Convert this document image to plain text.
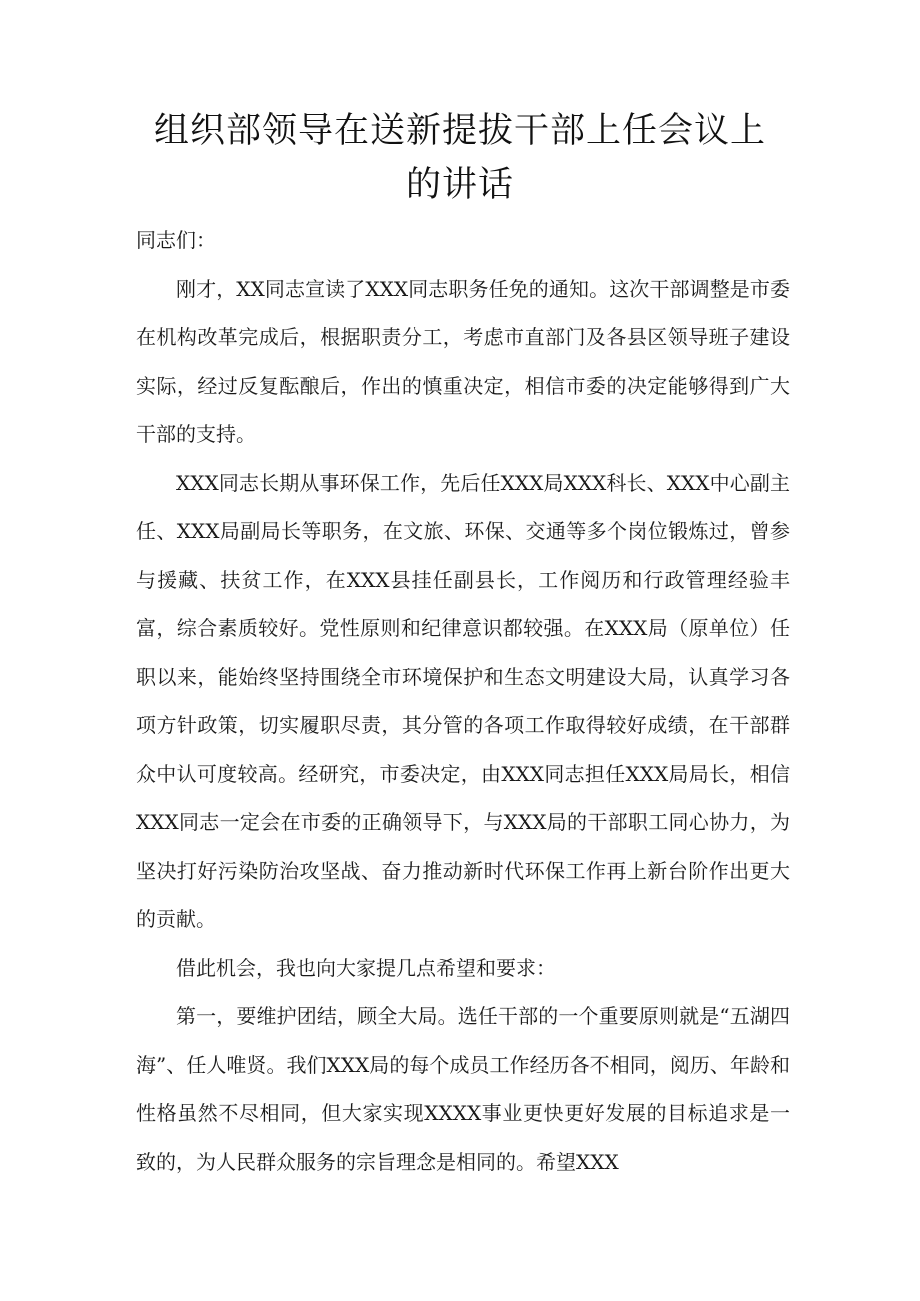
组织部领导在送新提拔干部上任会议上
的讲话

同志们：

刚才，XX同志宣读了XXX同志职务任免的通知。这次干部调整是市委在机构改革完成后，根据职责分工，考虑市直部门及各县区领导班子建设实际，经过反复酝酿后，作出的慎重决定，相信市委的决定能够得到广大干部的支持。

XXX同志长期从事环保工作，先后任XXX局XXX科长、XXX中心副主任、XXX局副局长等职务，在文旅、环保、交通等多个岗位锻炼过，曾参与援藏、扶贫工作，在XXX县挂任副县长，工作阅历和行政管理经验丰富，综合素质较好。党性原则和纪律意识都较强。在XXX局（原单位）任职以来，能始终坚持围绕全市环境保护和生态文明建设大局，认真学习各项方针政策，切实履职尽责，其分管的各项工作取得较好成绩，在干部群众中认可度较高。经研究，市委决定，由XXX同志担任XXX局局长，相信XXX同志一定会在市委的正确领导下，与XXX局的干部职工同心协力，为坚决打好污染防治攻坚战、奋力推动新时代环保工作再上新台阶作出更大的贡献。

借此机会，我也向大家提几点希望和要求：

第一，要维护团结，顾全大局。选任干部的一个重要原则就是“五湖四海”、任人唯贤。我们XXX局的每个成员工作经历各不相同，阅历、年龄和性格虽然不尽相同，但大家实现XXXX事业更快更好发展的目标追求是一致的，为人民群众服务的宗旨理念是相同的。希望XXX
